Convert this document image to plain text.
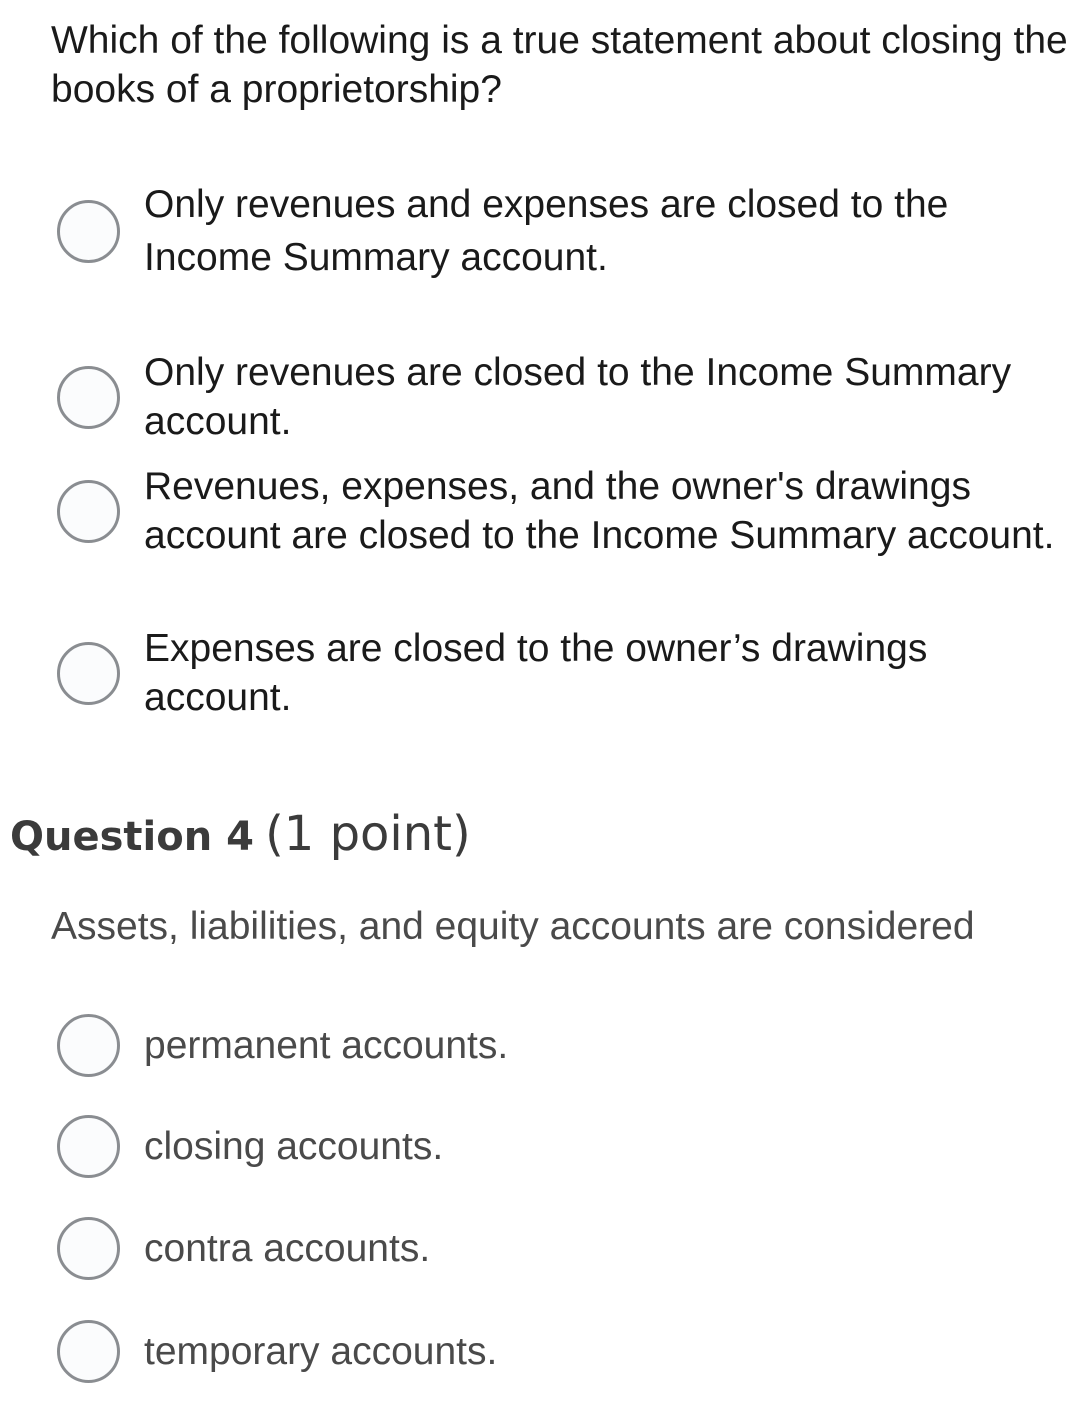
Which of the following is a true statement about closing the books of a proprietorship?
Only revenues and expenses are closed to the Income Summary account.
Only revenues are closed to the Income Summary account.
Revenues, expenses, and the owner's drawings account are closed to the Income Summary account.
Expenses are closed to the owner’s drawings account.
Question 4 (1 point)
Assets, liabilities, and equity accounts are considered
permanent accounts.
closing accounts.
contra accounts.
temporary accounts.
